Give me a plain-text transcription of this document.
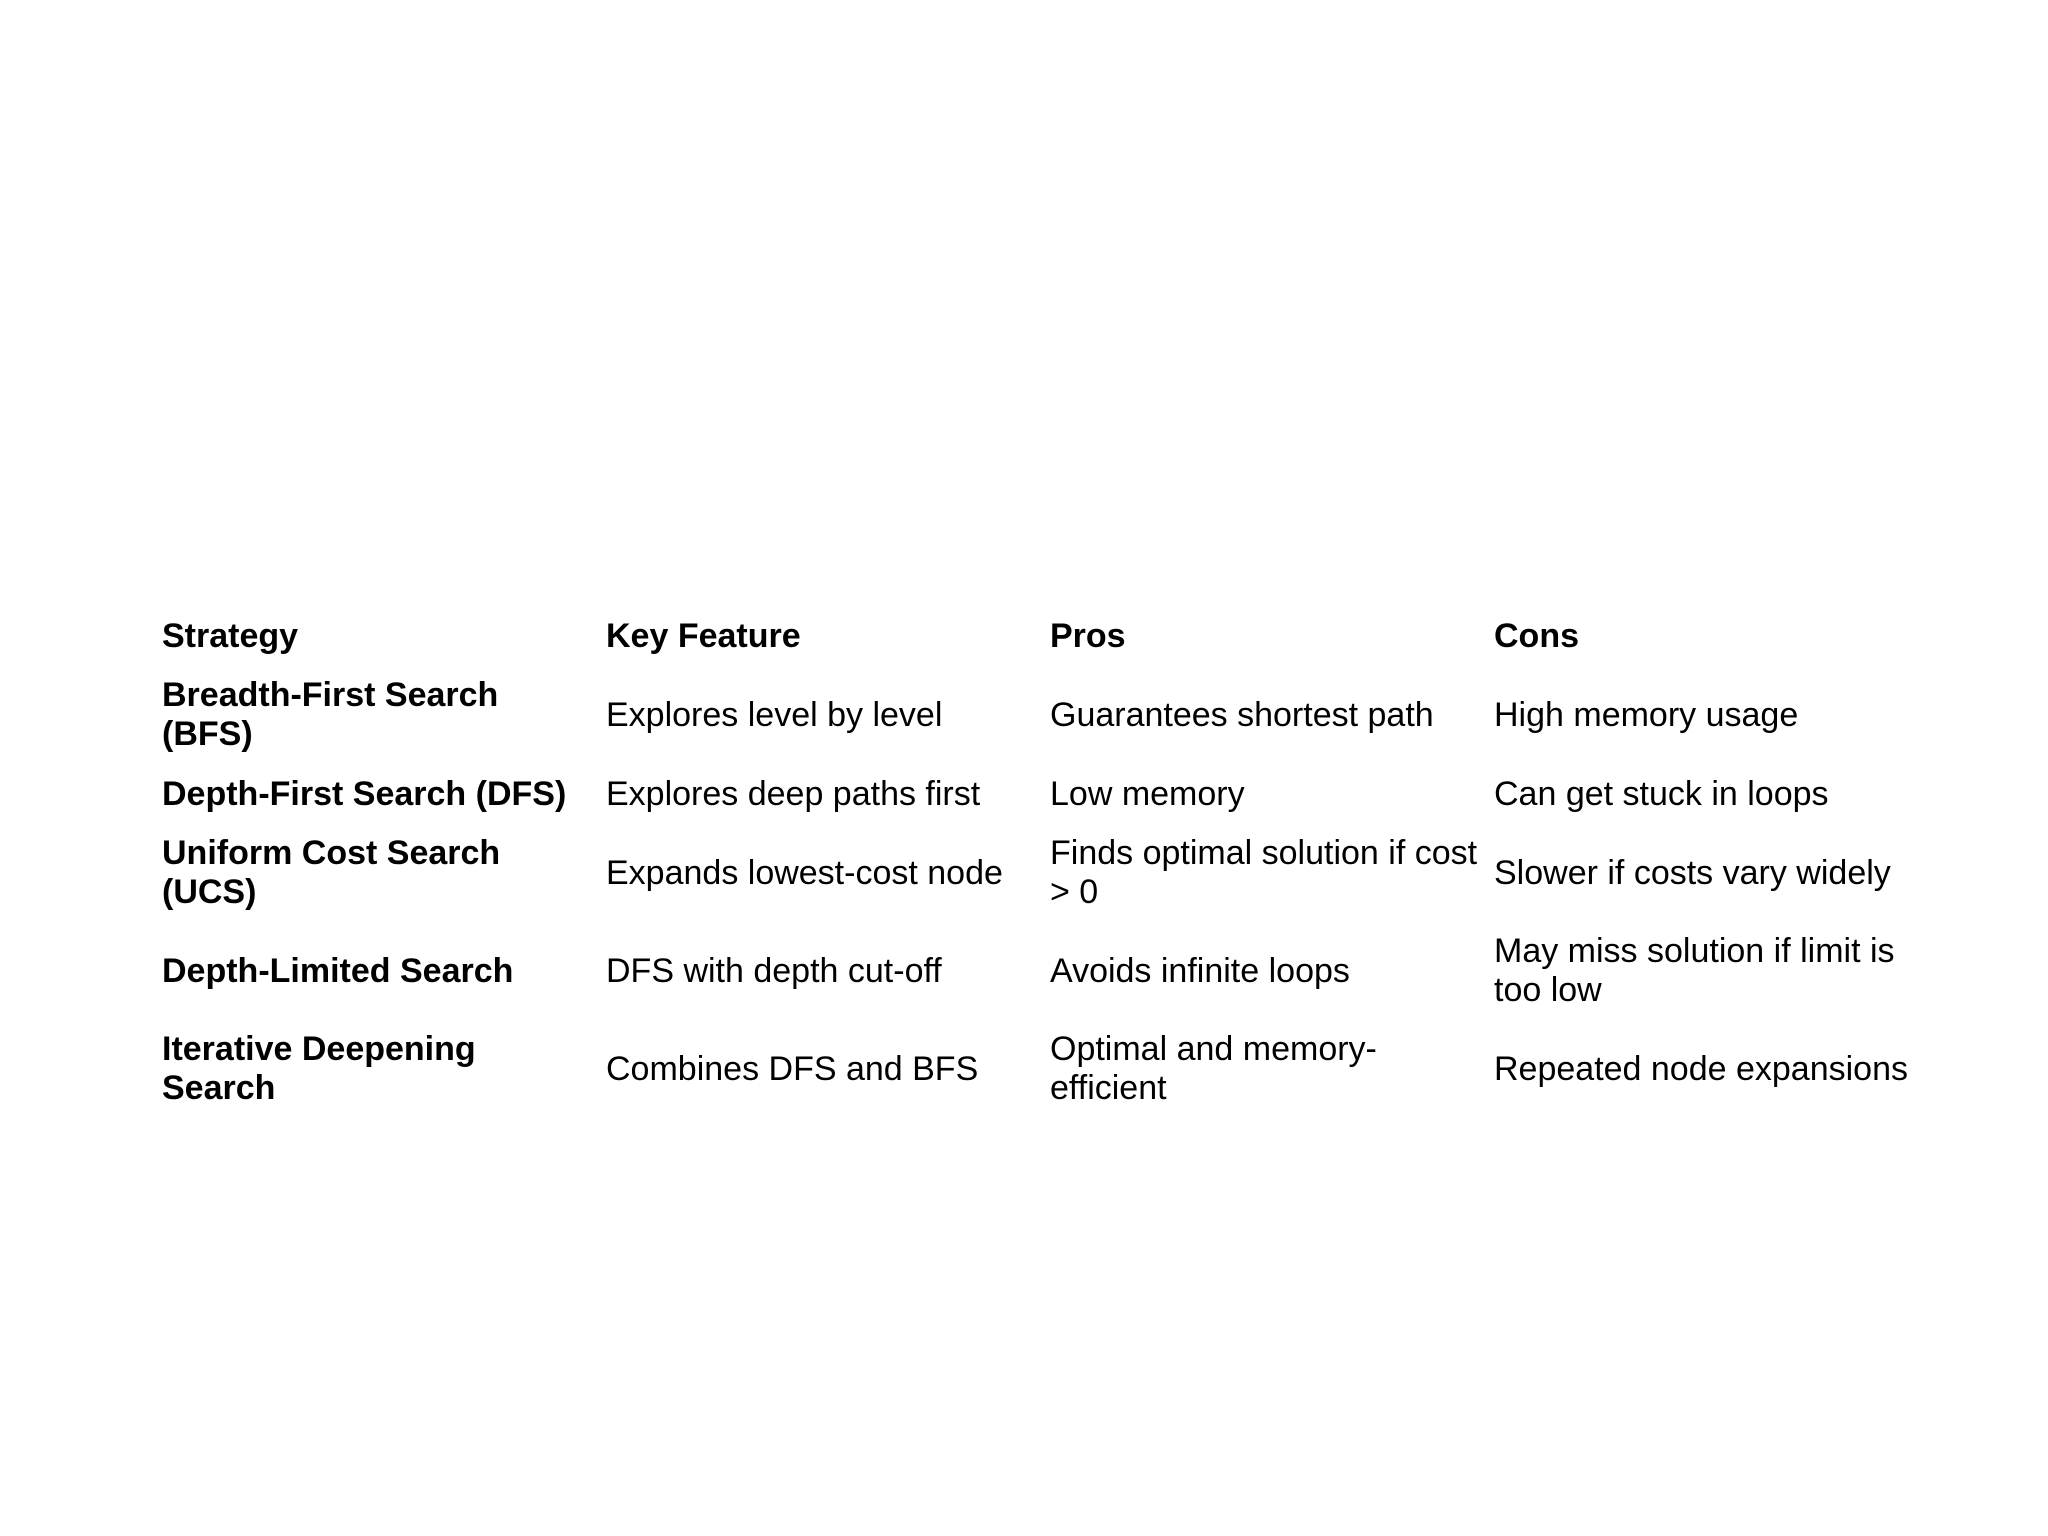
Strategy	Key Feature	Pros	Cons
Breadth-First Search (BFS)	Explores level by level	Guarantees shortest path	High memory usage
Depth-First Search (DFS)	Explores deep paths first	Low memory	Can get stuck in loops
Uniform Cost Search (UCS)	Expands lowest-cost node	Finds optimal solution if cost > 0	Slower if costs vary widely
Depth-Limited Search	DFS with depth cut-off	Avoids infinite loops	May miss solution if limit is too low
Iterative Deepening Search	Combines DFS and BFS	Optimal and memory-efficient	Repeated node expansions
